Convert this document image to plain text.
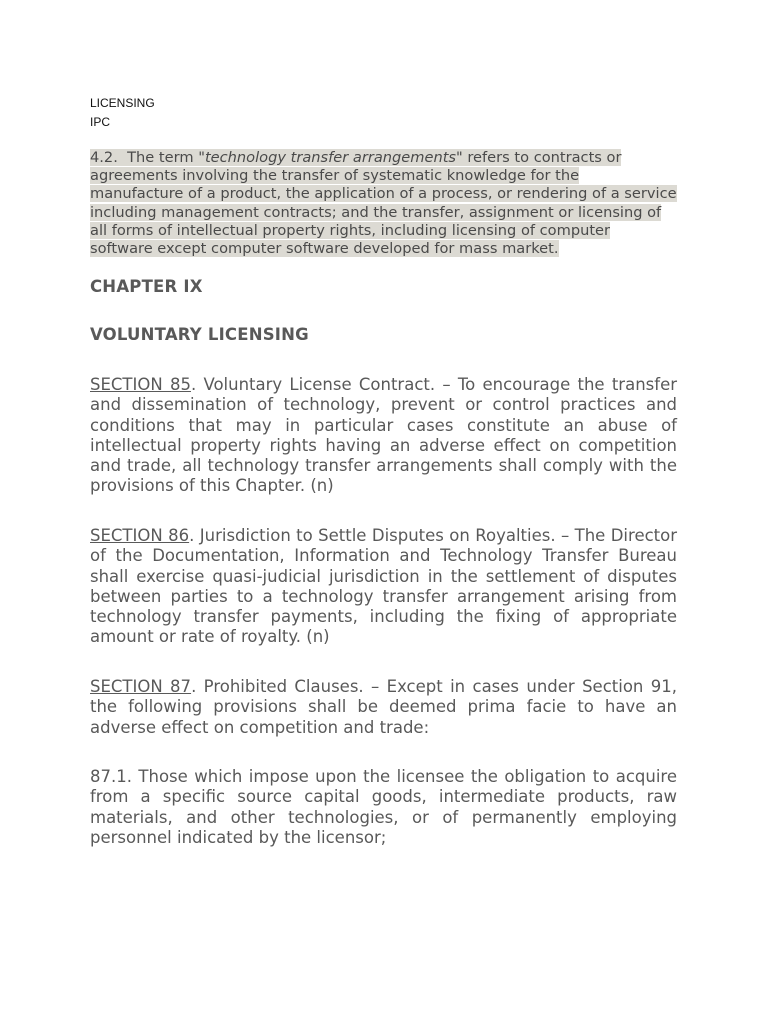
LICENSING
IPC
4.2. The term "technology transfer arrangements" refers to contracts or agreements involving the transfer of systematic knowledge for the manufacture of a product, the application of a process, or rendering of a service including management contracts; and the transfer, assignment or licensing of all forms of intellectual property rights, including licensing of computer software except computer software developed for mass market.
CHAPTER IX
VOLUNTARY LICENSING
SECTION 85. Voluntary License Contract. – To encourage the transfer and dissemination of technology, prevent or control practices and conditions that may in particular cases constitute an abuse of intellectual property rights having an adverse effect on competition and trade, all technology transfer arrangements shall comply with the provisions of this Chapter. (n)
SECTION 86. Jurisdiction to Settle Disputes on Royalties. – The Director of the Documentation, Information and Technology Transfer Bureau shall exercise quasi-judicial jurisdiction in the settlement of disputes between parties to a technology transfer arrangement arising from technology transfer payments, including the fixing of appropriate amount or rate of royalty. (n)
SECTION 87. Prohibited Clauses. – Except in cases under Section 91, the following provisions shall be deemed prima facie to have an adverse effect on competition and trade:
87.1. Those which impose upon the licensee the obligation to acquire from a specific source capital goods, intermediate products, raw materials, and other technologies, or of permanently employing personnel indicated by the licensor;
